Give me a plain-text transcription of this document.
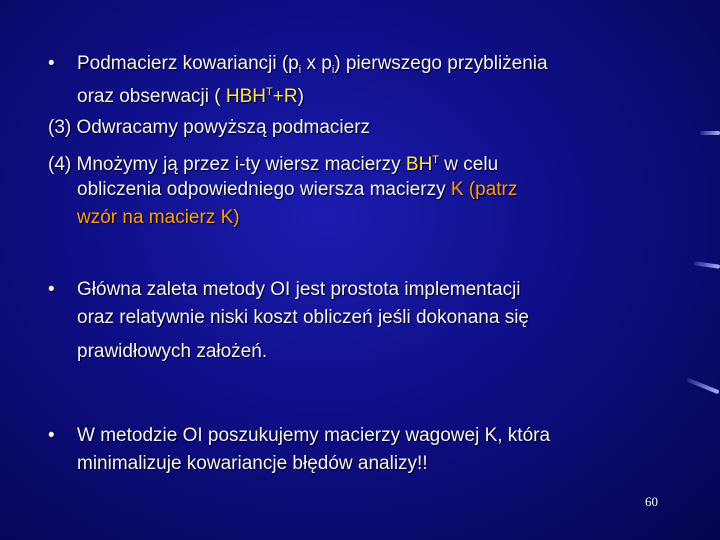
• Podmacierz kowariancji ($p_i$ x $p_i$) pierwszego przybliżenia
oraz obserwacji ( $HBH^T+R$)
(3) Odwracamy powyższą podmacierz
(4) Mnożymy ją przez i-ty wiersz macierzy $BH^T$ w celu
obliczenia odpowiedniego wiersza macierzy K (patrz
wzór na macierz K)
• Główna zaleta metody OI jest prostota implementacji
oraz relatywnie niski koszt obliczeń jeśli dokonana się
prawidłowych założeń.
• W metodzie OI poszukujemy macierzy wagowej K, która
minimalizuje kowariancje błędów analizy!!
60
